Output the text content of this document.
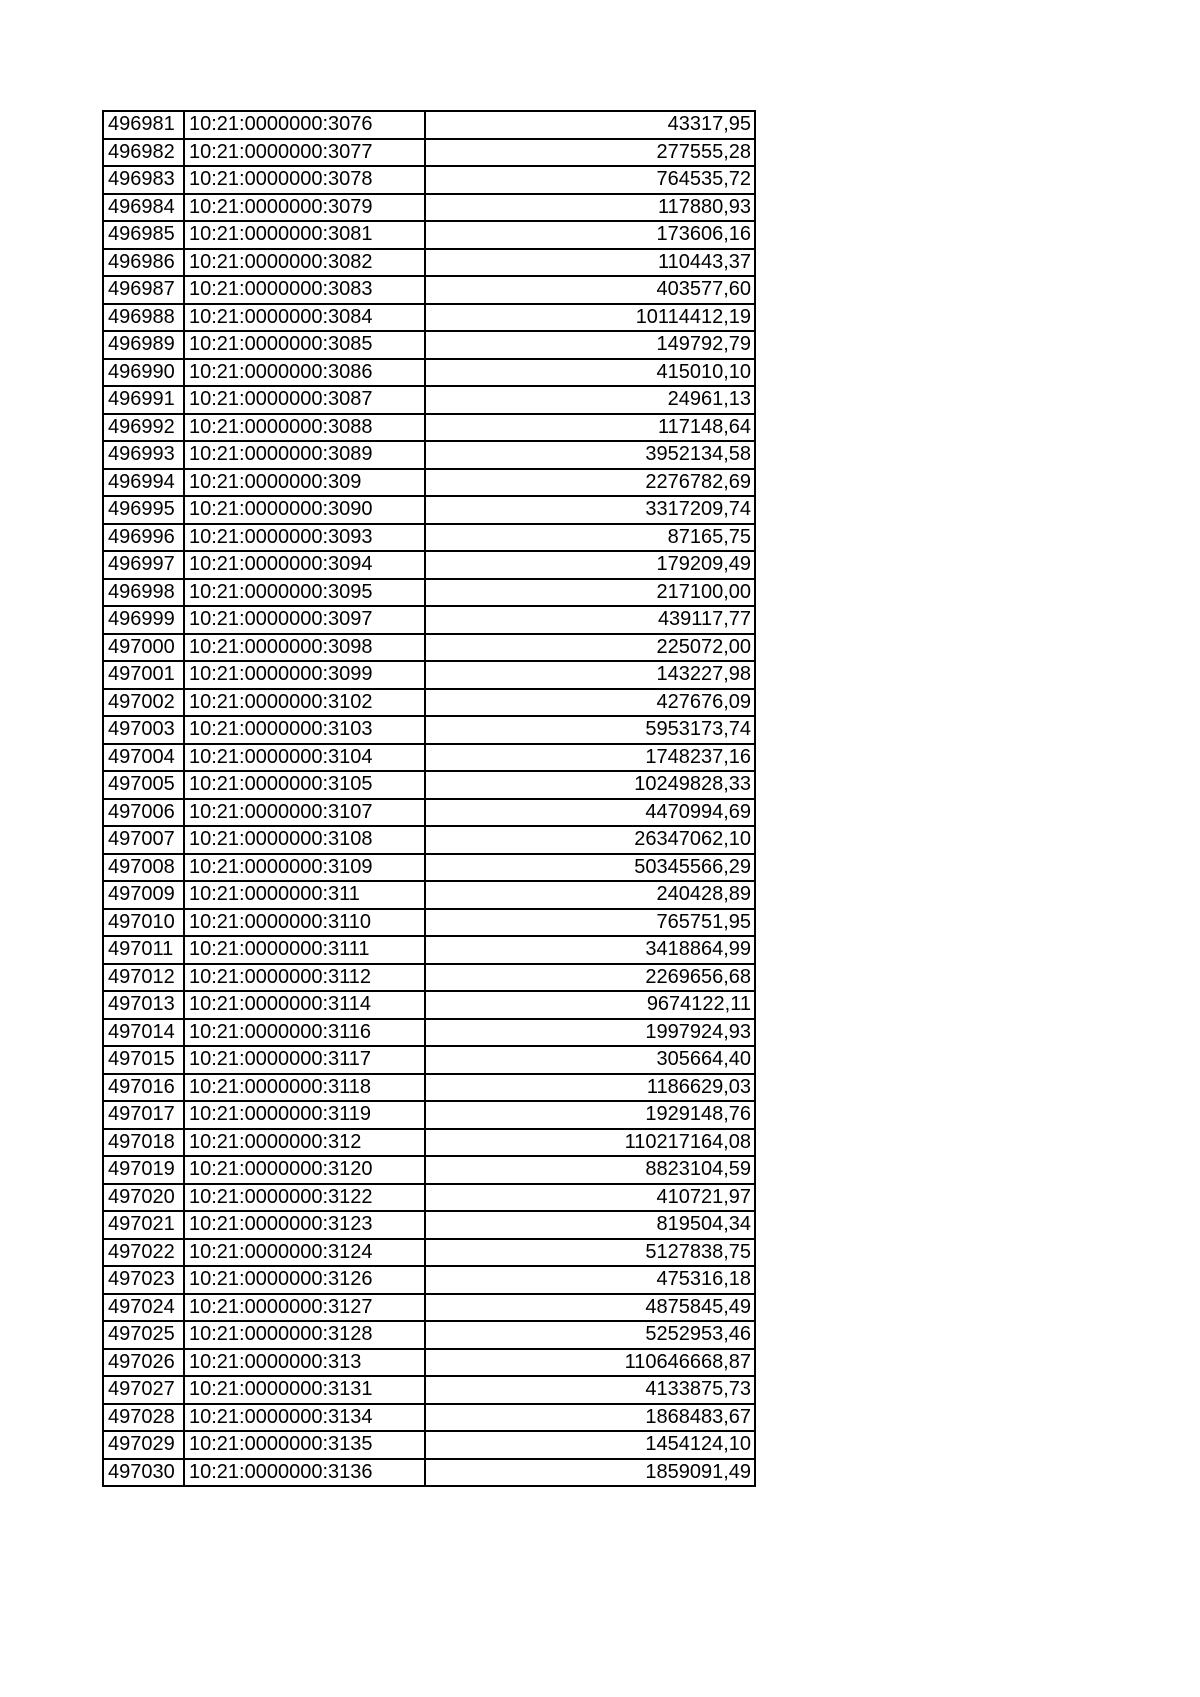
496981	10:21:0000000:3076	43317,95
496982	10:21:0000000:3077	277555,28
496983	10:21:0000000:3078	764535,72
496984	10:21:0000000:3079	117880,93
496985	10:21:0000000:3081	173606,16
496986	10:21:0000000:3082	110443,37
496987	10:21:0000000:3083	403577,60
496988	10:21:0000000:3084	10114412,19
496989	10:21:0000000:3085	149792,79
496990	10:21:0000000:3086	415010,10
496991	10:21:0000000:3087	24961,13
496992	10:21:0000000:3088	117148,64
496993	10:21:0000000:3089	3952134,58
496994	10:21:0000000:309	2276782,69
496995	10:21:0000000:3090	3317209,74
496996	10:21:0000000:3093	87165,75
496997	10:21:0000000:3094	179209,49
496998	10:21:0000000:3095	217100,00
496999	10:21:0000000:3097	439117,77
497000	10:21:0000000:3098	225072,00
497001	10:21:0000000:3099	143227,98
497002	10:21:0000000:3102	427676,09
497003	10:21:0000000:3103	5953173,74
497004	10:21:0000000:3104	1748237,16
497005	10:21:0000000:3105	10249828,33
497006	10:21:0000000:3107	4470994,69
497007	10:21:0000000:3108	26347062,10
497008	10:21:0000000:3109	50345566,29
497009	10:21:0000000:311	240428,89
497010	10:21:0000000:3110	765751,95
497011	10:21:0000000:3111	3418864,99
497012	10:21:0000000:3112	2269656,68
497013	10:21:0000000:3114	9674122,11
497014	10:21:0000000:3116	1997924,93
497015	10:21:0000000:3117	305664,40
497016	10:21:0000000:3118	1186629,03
497017	10:21:0000000:3119	1929148,76
497018	10:21:0000000:312	110217164,08
497019	10:21:0000000:3120	8823104,59
497020	10:21:0000000:3122	410721,97
497021	10:21:0000000:3123	819504,34
497022	10:21:0000000:3124	5127838,75
497023	10:21:0000000:3126	475316,18
497024	10:21:0000000:3127	4875845,49
497025	10:21:0000000:3128	5252953,46
497026	10:21:0000000:313	110646668,87
497027	10:21:0000000:3131	4133875,73
497028	10:21:0000000:3134	1868483,67
497029	10:21:0000000:3135	1454124,10
497030	10:21:0000000:3136	1859091,49
